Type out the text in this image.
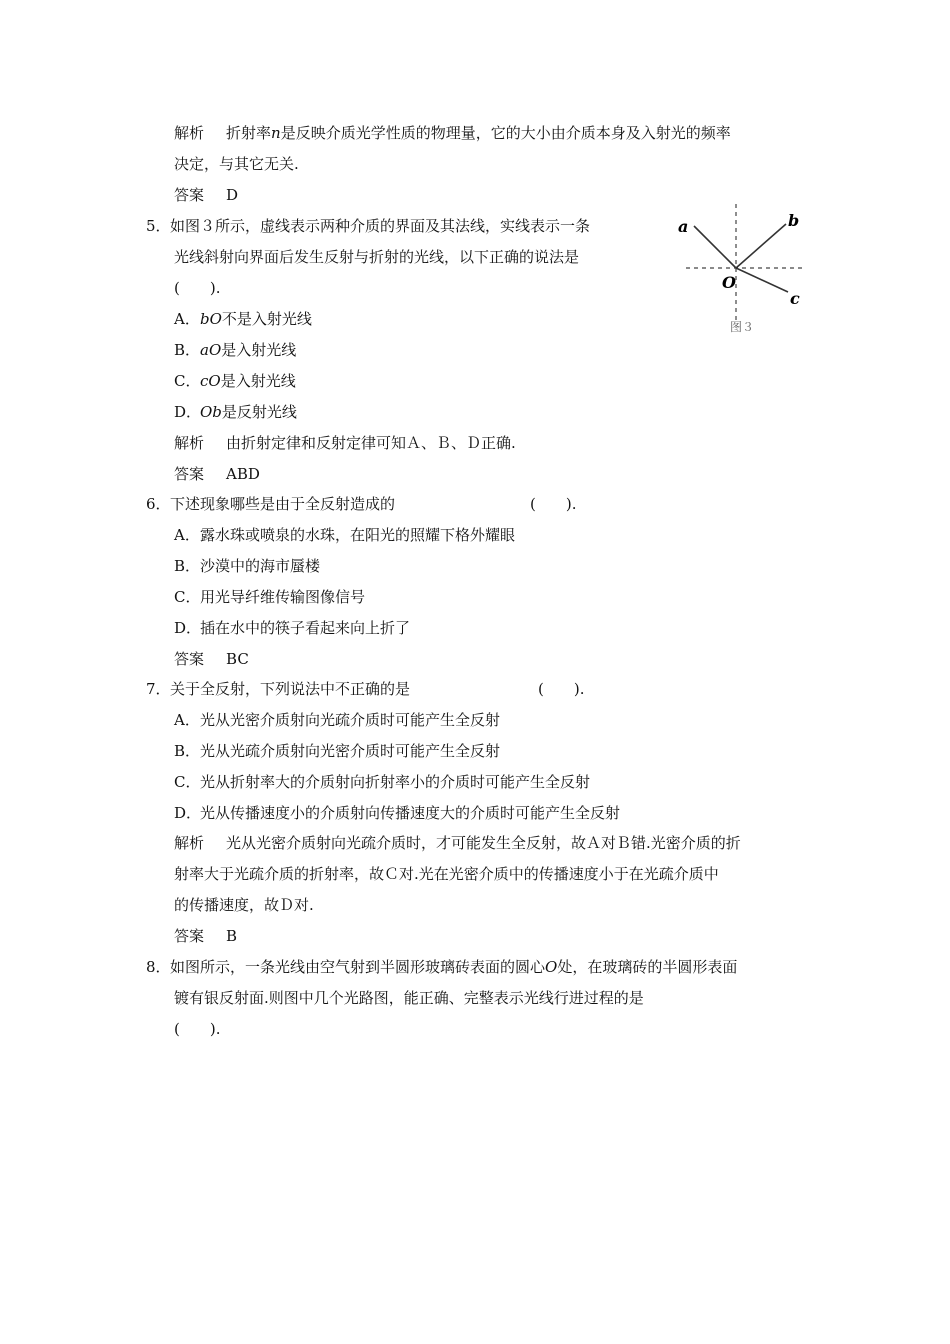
解析 折射率n是反映介质光学性质的物理量，它的大小由介质本身及入射光的频率
决定，与其它无关.
答案 D
5．如图３所示，虚线表示两种介质的界面及其法线，实线表示一条
光线斜射向界面后发生反射与折射的光线，以下正确的说法是
(　　).
A．bO不是入射光线
B．aO是入射光线
C．cO是入射光线
D．Ob是反射光线
解析 由折射定律和反射定律可知Ａ、Ｂ、Ｄ正确.
答案 ABD
a	b
c
O
图３
6．下述现象哪些是由于全反射造成的	(　　).
A．露水珠或喷泉的水珠，在阳光的照耀下格外耀眼
B．沙漠中的海市蜃楼
C．用光导纤维传输图像信号
D．插在水中的筷子看起来向上折了
答案 BC
7．关于全反射，下列说法中不正确的是	(　　).
A．光从光密介质射向光疏介质时可能产生全反射
B．光从光疏介质射向光密介质时可能产生全反射
C．光从折射率大的介质射向折射率小的介质时可能产生全反射
D．光从传播速度小的介质射向传播速度大的介质时可能产生全反射
解析 光从光密介质射向光疏介质时，才可能发生全反射，故Ａ对Ｂ错.光密介质的折
射率大于光疏介质的折射率，故Ｃ对.光在光密介质中的传播速度小于在光疏介质中
的传播速度，故Ｄ对.
答案 B
8．如图所示，一条光线由空气射到半圆形玻璃砖表面的圆心O处，在玻璃砖的半圆形表面
镀有银反射面.则图中几个光路图，能正确、完整表示光线行进过程的是
(　　).
